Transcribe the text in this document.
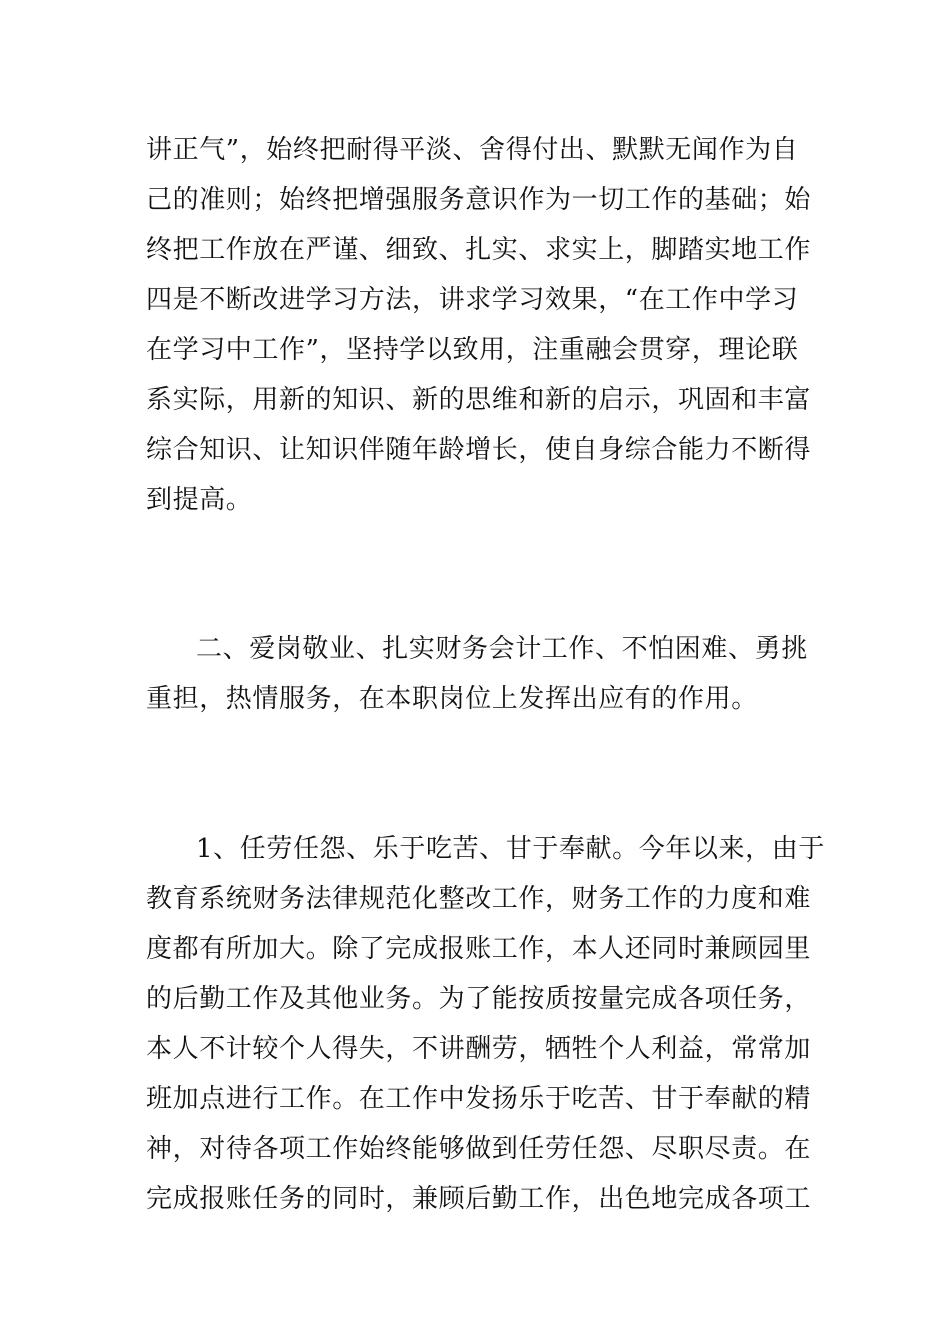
讲正气”，始终把耐得平淡、舍得付出、默默无闻作为自
己的准则；始终把增强服务意识作为一切工作的基础；始
终把工作放在严谨、细致、扎实、求实上，脚踏实地工作
四是不断改进学习方法，讲求学习效果，“在工作中学习
在学习中工作”，坚持学以致用，注重融会贯穿，理论联
系实际，用新的知识、新的思维和新的启示，巩固和丰富
综合知识、让知识伴随年龄增长，使自身综合能力不断得
到提高。
二、爱岗敬业、扎实财务会计工作、不怕困难、勇挑
重担，热情服务，在本职岗位上发挥出应有的作用。
1、任劳任怨、乐于吃苦、甘于奉献。今年以来，由于
教育系统财务法律规范化整改工作，财务工作的力度和难
度都有所加大。除了完成报账工作，本人还同时兼顾园里
的后勤工作及其他业务。为了能按质按量完成各项任务，
本人不计较个人得失，不讲酬劳，牺牲个人利益，常常加
班加点进行工作。在工作中发扬乐于吃苦、甘于奉献的精
神，对待各项工作始终能够做到任劳任怨、尽职尽责。在
完成报账任务的同时，兼顾后勤工作，出色地完成各项工
